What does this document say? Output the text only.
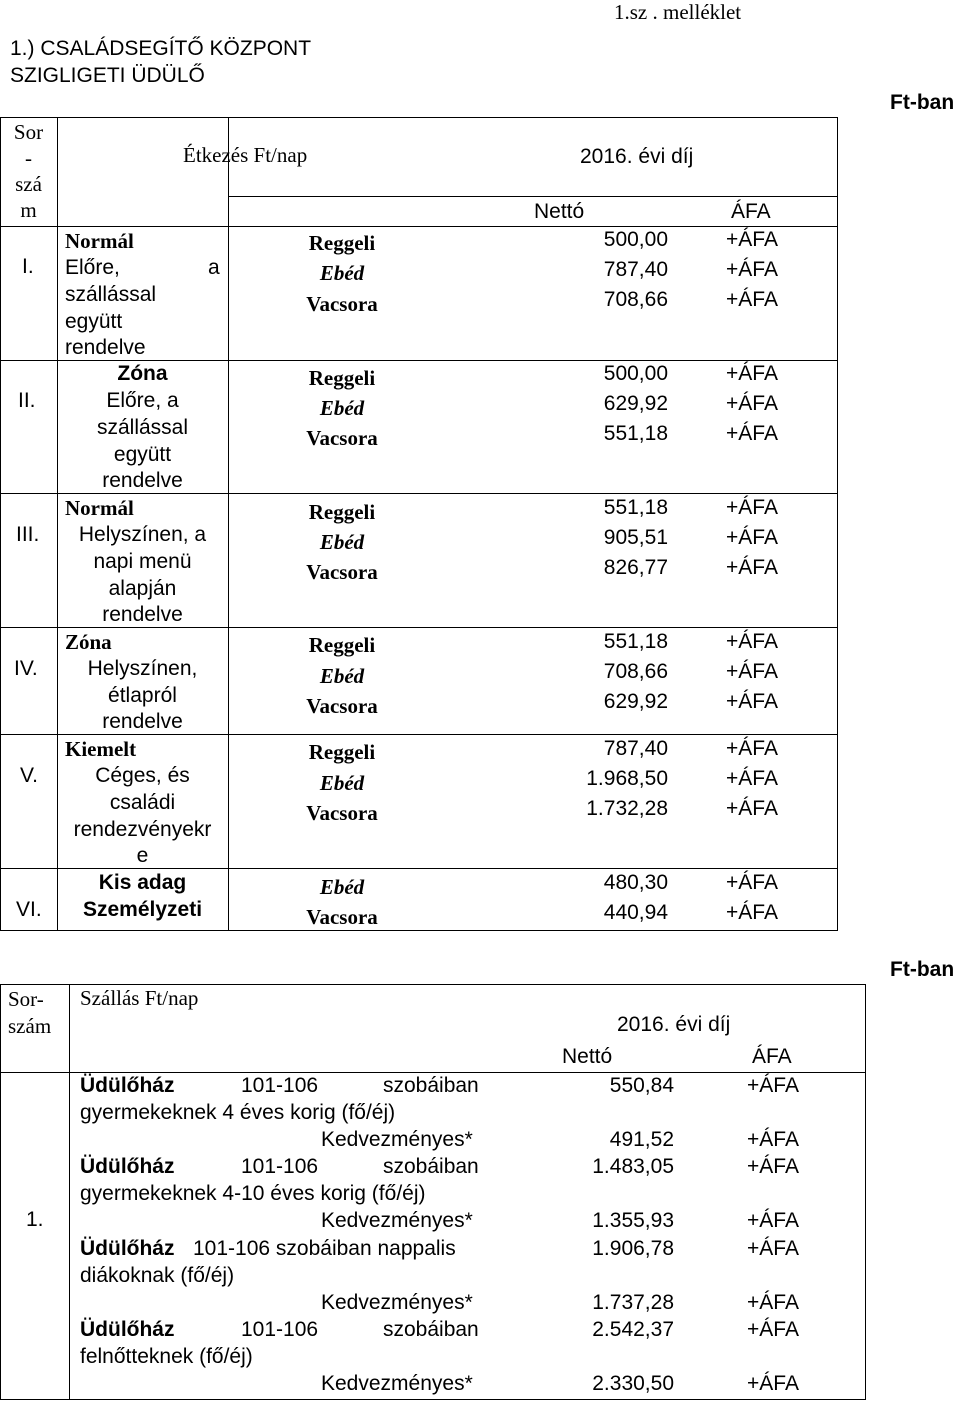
1.sz . melléklet
1.) CSALÁDSEGÍTŐ KÖZPONT
SZIGLIGETI ÜDÜLŐ
Ft-ban
Sor
-
szá
m
Étkezés Ft/nap	2016. évi díj
Nettó	ÁFA
I.
Normál
Előre,	a
szállással
együtt
rendelve
Reggeli	500,00	+ÁFA
Ebéd	787,40	+ÁFA
Vacsora	708,66	+ÁFA
II.
Zóna
Előre, a
szállással
együtt
rendelve
Reggeli	500,00	+ÁFA
Ebéd	629,92	+ÁFA
Vacsora	551,18	+ÁFA
III.
Normál
Helyszínen, a
napi menü
alapján
rendelve
Reggeli	551,18	+ÁFA
Ebéd	905,51	+ÁFA
Vacsora	826,77	+ÁFA
IV.
Zóna
Helyszínen,
étlapról
rendelve
Reggeli	551,18	+ÁFA
Ebéd	708,66	+ÁFA
Vacsora	629,92	+ÁFA
V.
Kiemelt
Céges, és
családi
rendezvényekr
e
Reggeli	787,40	+ÁFA
Ebéd	1.968,50	+ÁFA
Vacsora	1.732,28	+ÁFA
VI.
Kis adag
Személyzeti
Ebéd	480,30	+ÁFA
Vacsora	440,94	+ÁFA
Ft-ban
Sor-
szám
Szállás Ft/nap
2016. évi díj
Nettó	ÁFA
1.
Üdülőház	101-106	szobáiban
gyermekeknek 4 éves korig (fő/éj)
550,84	+ÁFA
Kedvezményes*	491,52	+ÁFA
Üdülőház	101-106	szobáiban
gyermekeknek 4-10 éves korig (fő/éj)
1.483,05	+ÁFA
Kedvezményes*	1.355,93	+ÁFA
Üdülőház 101-106 szobáiban nappalis
diákoknak (fő/éj)
1.906,78	+ÁFA
Kedvezményes*	1.737,28	+ÁFA
Üdülőház	101-106	szobáiban
felnőtteknek (fő/éj)
2.542,37	+ÁFA
Kedvezményes*	2.330,50	+ÁFA
